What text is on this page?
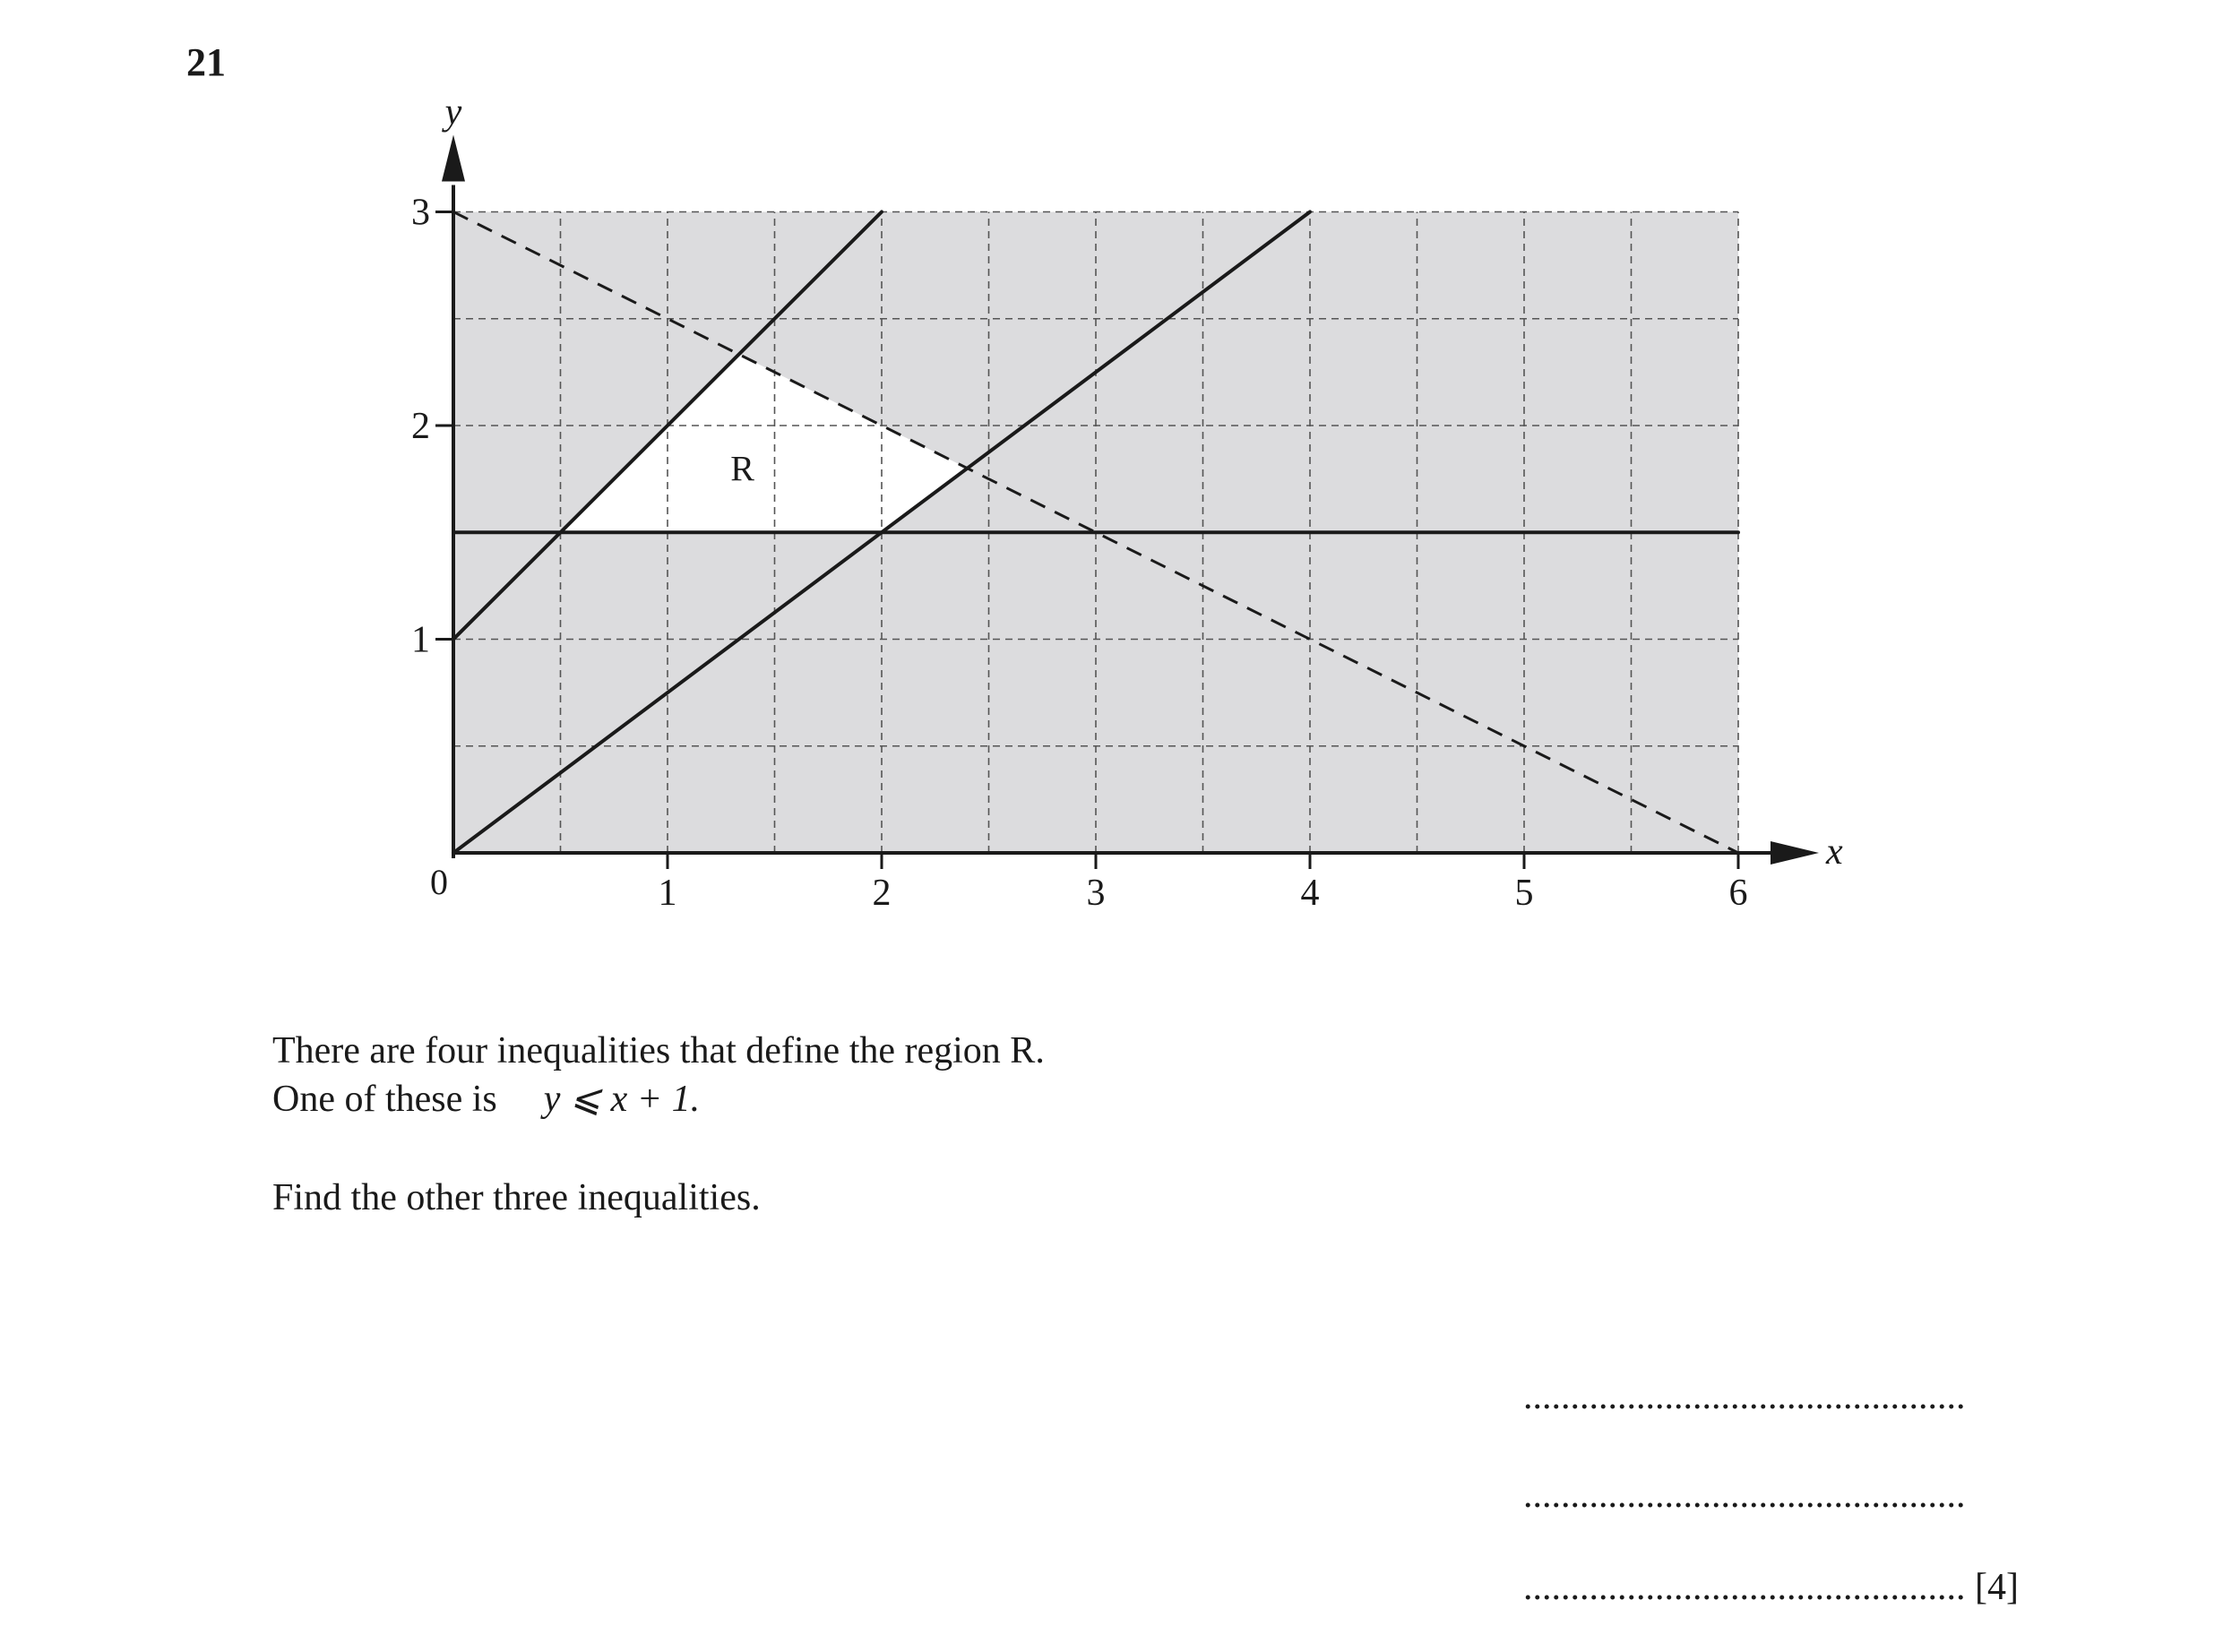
21
1	2	3	4	5	6
1
2
3
R
x
y
0
There are four inequalities that define the region R.
One of these is y ⩽ x + 1.
Find the other three inequalities.
...............................................
...............................................
............................................... [4]
